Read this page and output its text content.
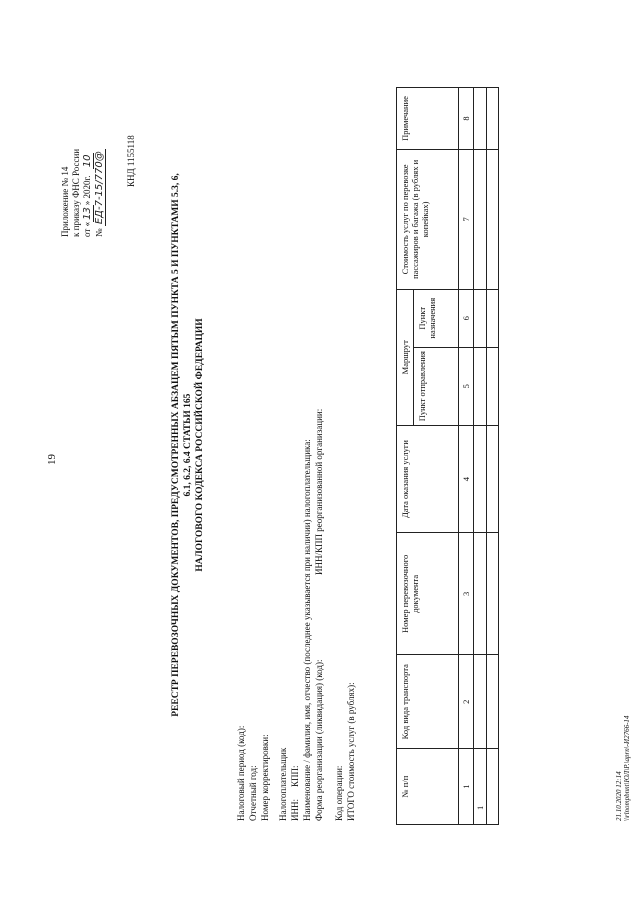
19
Приложение № 14 к приказу ФНС России от «13» 2020г. 10
№ ЕД-7-15/770@ КНД 1155118
РЕЕСТР ПЕРЕВОЗОЧНЫХ ДОКУМЕНТОВ, ПРЕДУСМОТРЕННЫХ АБЗАЦЕМ ПЯТЫМ ПУНКТА 5 И ПУНКТАМИ 5.3, 6, 6.1, 6.2, 6.4 СТАТЬИ 165 НАЛОГОВОГО КОДЕКСА РОССИЙСКОЙ ФЕДЕРАЦИИ
Налоговый период (код): Отчетный год: Номер корректировки: Налогоплательщик ИНН:
КПП: Наименование / фамилия, имя, отчество (последнее указывается при наличии) налогоплательщика: Форма реорганизации (ликвидация) (код):
ИНН/КПП реорганизованной организации:
Код операции: ИТОГО стоимость услуг (в рублях):	№ п/п	Код вида транспорта	Номер перевозочного документа	Дата оказания услуги	Маршрут		Стоимость услуг по перевозке пассажиров и багажа (в рублях и копейках)	Примечание
				Пункт отправления	Пункт назначения		
1	2	3	4	5	6	7	8
1							
								21.10.2020 12:14 \\rlnompbnnt\ЮЛ\Р.\aprn\-И2766-14
